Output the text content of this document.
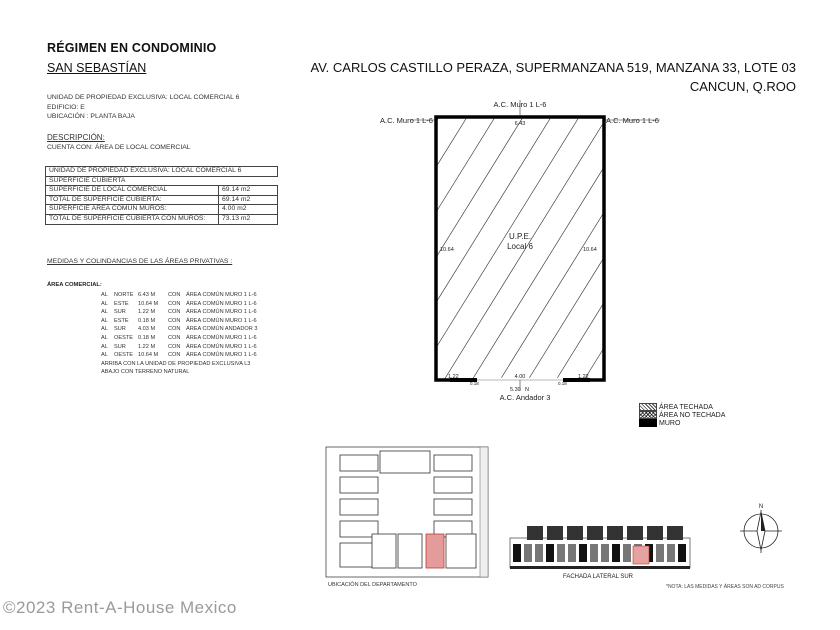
RÉGIMEN EN CONDOMINIO
SAN SEBASTÍAN	AV. CARLOS CASTILLO PERAZA, SUPERMANZANA 519, MANZANA 33, LOTE 03
CANCUN, Q.ROO
UNIDAD DE PROPIEDAD EXCLUSIVA: LOCAL COMERCIAL 6
EDIFICIO: E
UBICACIÓN : PLANTA BAJA
DESCRIPCIÓN:
CUENTA CON: ÁREA DE LOCAL COMERCIAL
UNIDAD DE PROPIEDAD EXCLUSIVA: LOCAL COMERCIAL 6	
SUPERFICIE CUBIERTA	
SUPERFICIE DE LOCAL COMERCIAL	69.14 m2
TOTAL DE SUPERFICIE CUBIERTA:	69.14 m2
SUPERFICIE ÁREA COMÚN MUROS:	4.00 m2
TOTAL DE SUPERFICIE CUBIERTA CON MUROS:	73.13 m2
MEDIDAS Y COLINDANCIAS DE LAS ÁREAS PRIVATIVAS :
ÁREA COMERCIAL:
AL NORTE 6.43 M CON ÁREA COMÚN MURO 1 L-6
AL ESTE 10.64 M CON ÁREA COMÚN MURO 1 L-6
AL SUR 1.22 M CON ÁREA COMÚN MURO 1 L-6
AL ESTE 0.18 M CON ÁREA COMÚN MURO 1 L-6
AL SUR 4.03 M CON ÁREA COMÚN ANDADOR 3
AL OESTE 0.18 M CON ÁREA COMÚN MURO 1 L-6
AL SUR 1.22 M CON ÁREA COMÚN MURO 1 L-6
AL OESTE 10.64 M CON ÁREA COMÚN MURO 1 L-6
ARRIBA CON LA UNIDAD DE PROPIEDAD EXCLUSIVA L3
ABAJO CON TERRENO NATURAL
A.C. Muro 1 L-6
A.C. Muro 1 L-6	A.C. Muro 1 L-6
6.43
10.64	10.64
U.P.E.
Local 6
1.22	1.22
4.00
0.18	0.18
5.30 N
A.C. Andador 3
ÁREA TECHADA
ÁREA NO TECHADA
MURO
UBICACIÓN DEL DEPARTAMENTO
FACHADA LATERAL SUR
N
*NOTA: LAS MEDIDAS Y ÁREAS SON AD CORPUS
©2023 Rent-A-House Mexico
